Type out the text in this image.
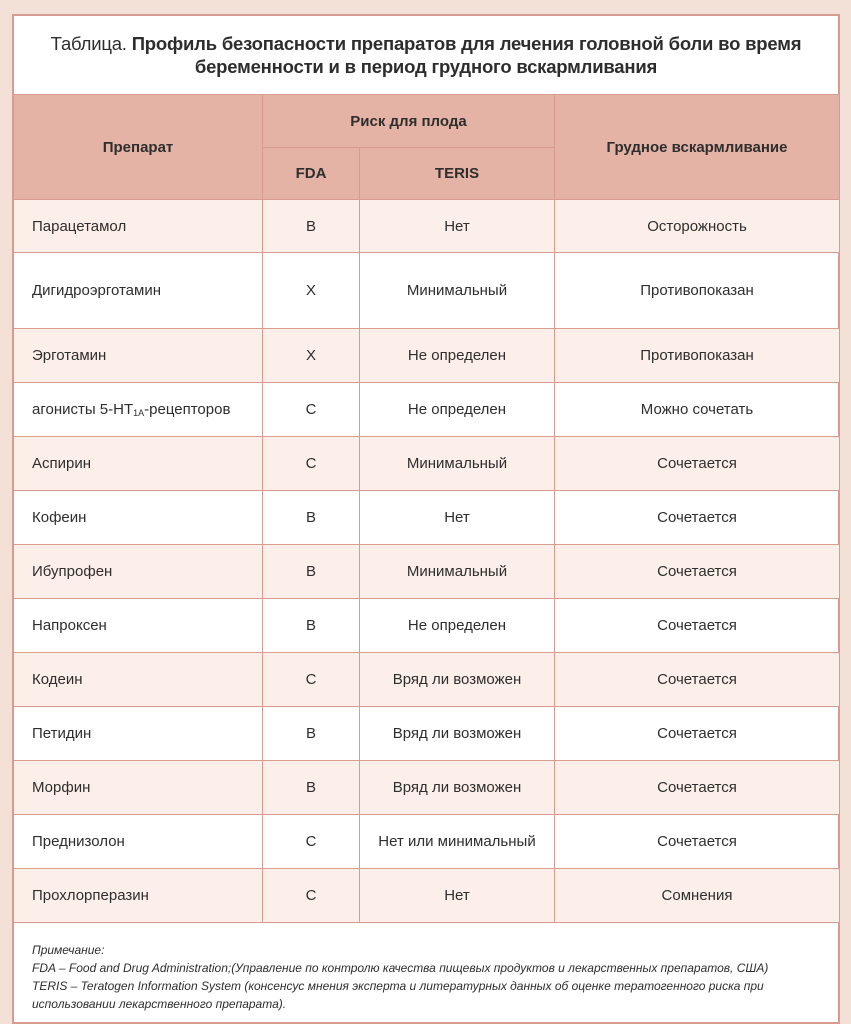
Таблица. Профиль безопасности препаратов для лечения головной боли во время беременности и в период грудного вскармливания
Препарат	Риск для плода		Грудное вскармливание
	FDA	TERIS	
Парацетамол	B	Нет	Осторожность
Дигидроэрготамин	X	Минимальный	Противопоказан
Эрготамин	X	Не определен	Противопоказан
агонисты $5-HT_{1A}$-рецепторов	C	Не определен	Можно сочетать
Аспирин	C	Минимальный	Сочетается
Кофеин	B	Нет	Сочетается
Ибупрофен	B	Минимальный	Сочетается
Напроксен	B	Не определен	Сочетается
Кодеин	C	Вряд ли возможен	Сочетается
Петидин	B	Вряд ли возможен	Сочетается
Морфин	B	Вряд ли возможен	Сочетается
Преднизолон	C	Нет или минимальный	Сочетается
Прохлорперазин	C	Нет	Сомнения
Примечание:
FDA – Food and Drug Administration;(Управление по контролю качества пищевых продуктов и лекарственных препаратов, США)
TERIS – Teratogen Information System (консенсус мнения эксперта и литературных данных об оценке тератогенного риска при использовании лекарственного препарата).
